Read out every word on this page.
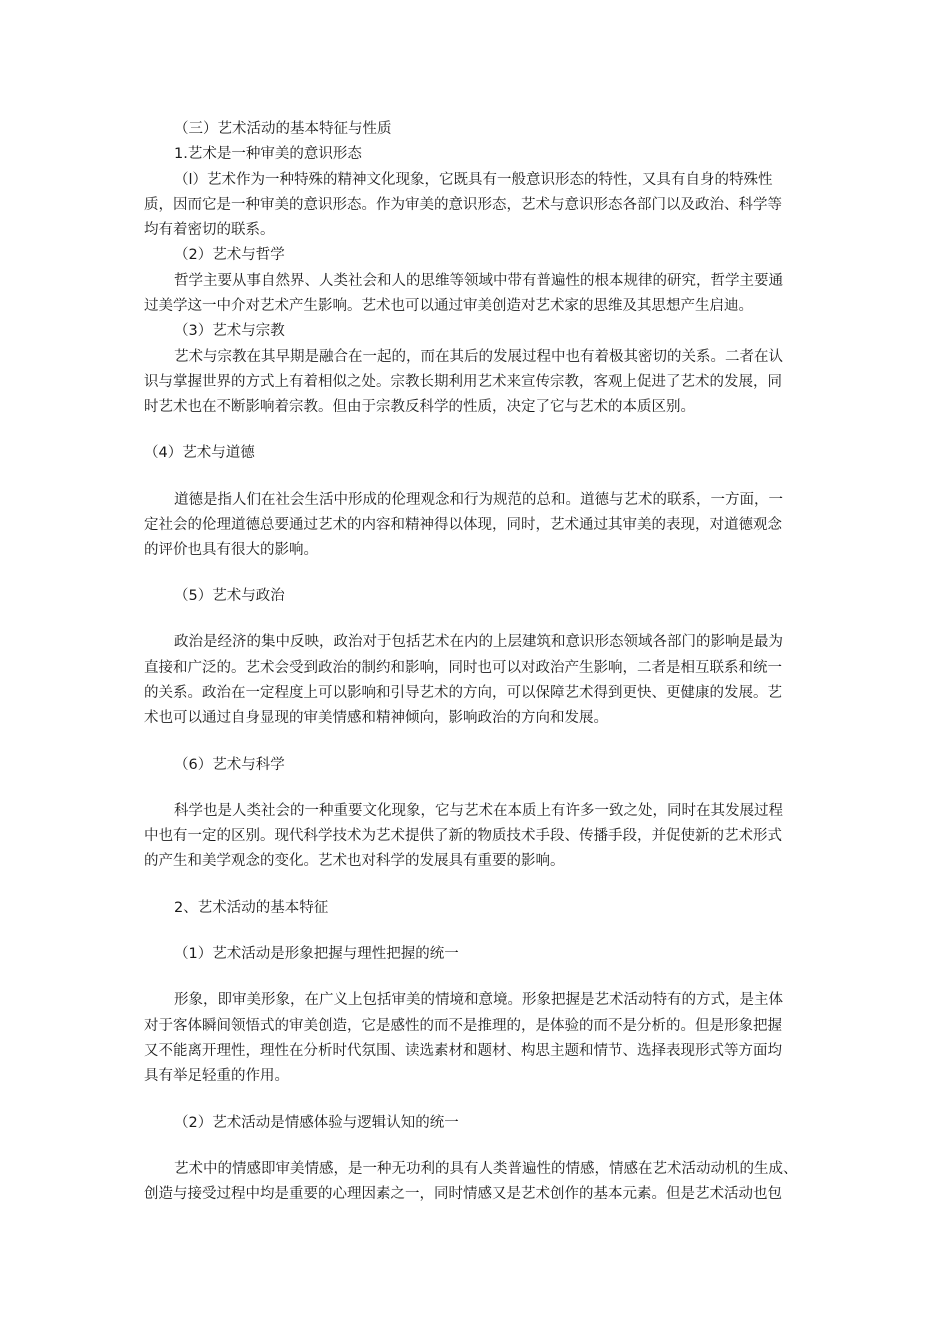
（三）艺术活动的基本特征与性质
1.艺术是一种审美的意识形态
（l）艺术作为一种特殊的精神文化现象，它既具有一般意识形态的特性，又具有自身的特殊性
质，因而它是一种审美的意识形态。作为审美的意识形态，艺术与意识形态各部门以及政治、科学等
均有着密切的联系。
（2）艺术与哲学
哲学主要从事自然界、人类社会和人的思维等领域中带有普遍性的根本规律的研究，哲学主要通
过美学这一中介对艺术产生影响。艺术也可以通过审美创造对艺术家的思维及其思想产生启迪。
（3）艺术与宗教
艺术与宗教在其早期是融合在一起的，而在其后的发展过程中也有着极其密切的关系。二者在认
识与掌握世界的方式上有着相似之处。宗教长期利用艺术来宣传宗教，客观上促进了艺术的发展，同
时艺术也在不断影响着宗教。但由于宗教反科学的性质，决定了它与艺术的本质区别。
（4）艺术与道德
道德是指人们在社会生活中形成的伦理观念和行为规范的总和。道德与艺术的联系，一方面，一
定社会的伦理道德总要通过艺术的内容和精神得以体现，同时，艺术通过其审美的表现，对道德观念
的评价也具有很大的影响。
（5）艺术与政治
政治是经济的集中反映，政治对于包括艺术在内的上层建筑和意识形态领域各部门的影响是最为
直接和广泛的。艺术会受到政治的制约和影响，同时也可以对政治产生影响，二者是相互联系和统一
的关系。政治在一定程度上可以影响和引导艺术的方向，可以保障艺术得到更快、更健康的发展。艺
术也可以通过自身显现的审美情感和精神倾向，影响政治的方向和发展。
（6）艺术与科学
科学也是人类社会的一种重要文化现象，它与艺术在本质上有许多一致之处，同时在其发展过程
中也有一定的区别。现代科学技术为艺术提供了新的物质技术手段、传播手段，并促使新的艺术形式
的产生和美学观念的变化。艺术也对科学的发展具有重要的影响。
2、艺术活动的基本特征
（1）艺术活动是形象把握与理性把握的统一
形象，即审美形象，在广义上包括审美的情境和意境。形象把握是艺术活动特有的方式，是主体
对于客体瞬间领悟式的审美创造，它是感性的而不是推理的，是体验的而不是分析的。但是形象把握
又不能离开理性，理性在分析时代氛围、读选素材和题材、构思主题和情节、选择表现形式等方面均
具有举足轻重的作用。
（2）艺术活动是情感体验与逻辑认知的统一
艺术中的情感即审美情感，是一种无功利的具有人类普遍性的情感，情感在艺术活动动机的生成、
创造与接受过程中均是重要的心理因素之一，同时情感又是艺术创作的基本元素。但是艺术活动也包
